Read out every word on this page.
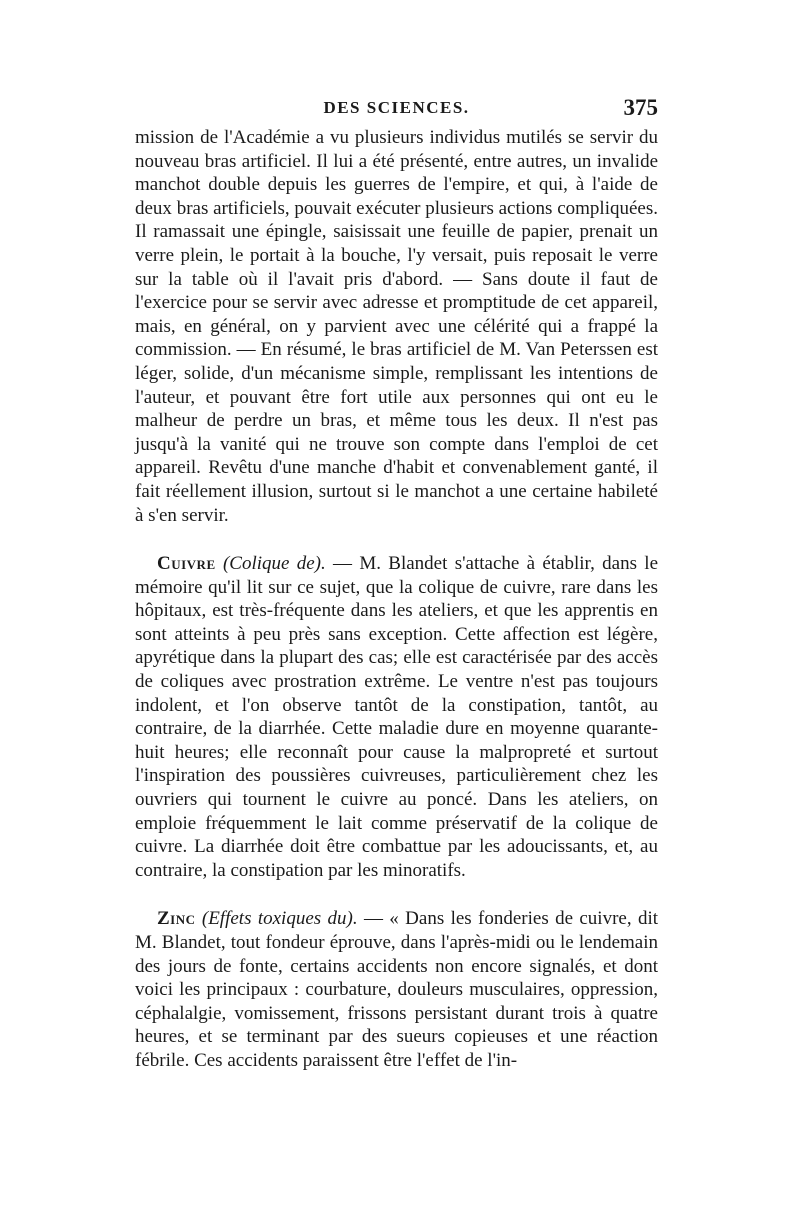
DES SCIENCES.	375

mission de l'Académie a vu plusieurs individus mutilés se servir du nouveau bras artificiel. Il lui a été présenté, entre autres, un invalide manchot double depuis les guerres de l'empire, et qui, à l'aide de deux bras artificiels, pouvait exécuter plusieurs actions compliquées. Il ramassait une épingle, saisissait une feuille de papier, prenait un verre plein, le portait à la bouche, l'y versait, puis reposait le verre sur la table où il l'avait pris d'abord. — Sans doute il faut de l'exercice pour se servir avec adresse et promptitude de cet appareil, mais, en général, on y parvient avec une célérité qui a frappé la commission. — En résumé, le bras artificiel de M. Van Peterssen est léger, solide, d'un mécanisme simple, remplissant les intentions de l'auteur, et pouvant être fort utile aux personnes qui ont eu le malheur de perdre un bras, et même tous les deux. Il n'est pas jusqu'à la vanité qui ne trouve son compte dans l'emploi de cet appareil. Revêtu d'une manche d'habit et convenablement ganté, il fait réellement illusion, surtout si le manchot a une certaine habileté à s'en servir.

Cuivre (Colique de). — M. Blandet s'attache à établir, dans le mémoire qu'il lit sur ce sujet, que la colique de cuivre, rare dans les hôpitaux, est très-fréquente dans les ateliers, et que les apprentis en sont atteints à peu près sans exception. Cette affection est légère, apyrétique dans la plupart des cas; elle est caractérisée par des accès de coliques avec prostration extrême. Le ventre n'est pas toujours indolent, et l'on observe tantôt de la constipation, tantôt, au contraire, de la diarrhée. Cette maladie dure en moyenne quarante-huit heures; elle reconnaît pour cause la malpropreté et surtout l'inspiration des poussières cuivreuses, particulièrement chez les ouvriers qui tournent le cuivre au poncé. Dans les ateliers, on emploie fréquemment le lait comme préservatif de la colique de cuivre. La diarrhée doit être combattue par les adoucissants, et, au contraire, la constipation par les minoratifs.

Zinc (Effets toxiques du). — « Dans les fonderies de cuivre, dit M. Blandet, tout fondeur éprouve, dans l'après-midi ou le lendemain des jours de fonte, certains accidents non encore signalés, et dont voici les principaux : courbature, douleurs musculaires, oppression, céphalalgie, vomissement, frissons persistant durant trois à quatre heures, et se terminant par des sueurs copieuses et une réaction fébrile. Ces accidents paraissent être l'effet de l'in-
